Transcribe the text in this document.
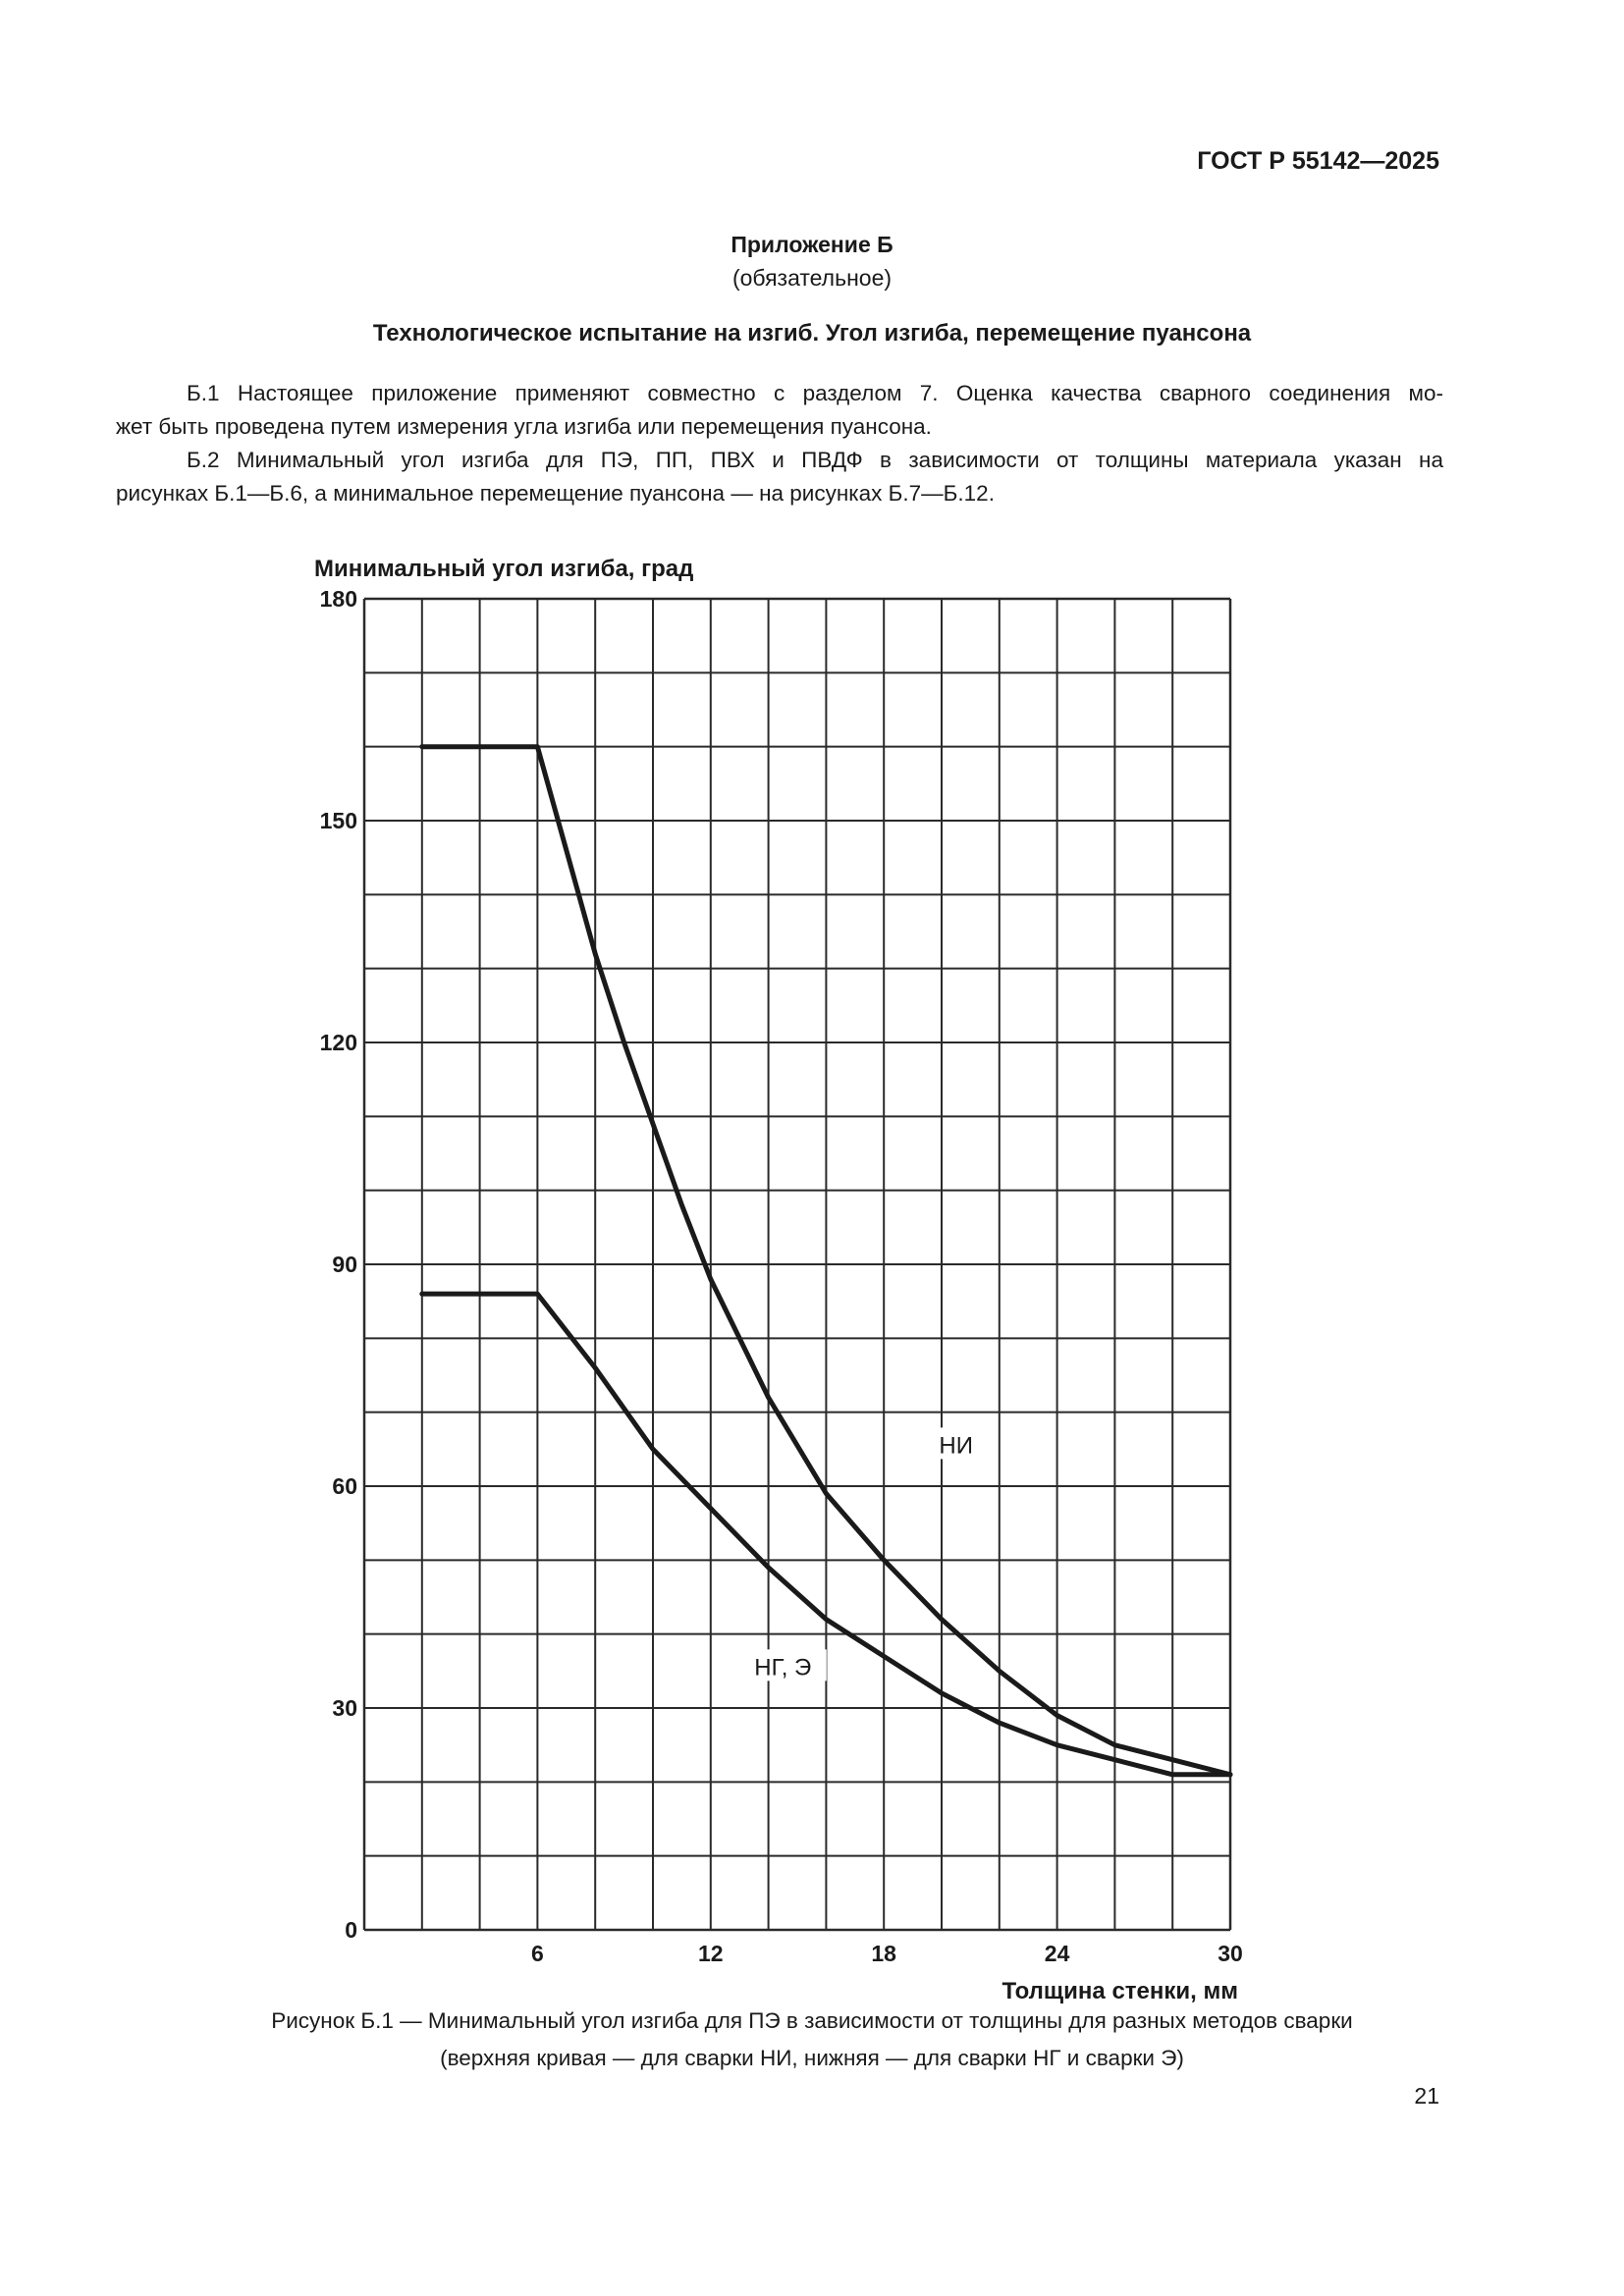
ГОСТ Р 55142—2025
Приложение Б
(обязательное)
Технологическое испытание на изгиб. Угол изгиба, перемещение пуансона
Б.1 Настоящее приложение применяют совместно с разделом 7. Оценка качества сварного соединения мо-
жет быть проведена путем измерения угла изгиба или перемещения пуансона.
Б.2 Минимальный угол изгиба для ПЭ, ПП, ПВХ и ПВДФ в зависимости от толщины материала указан на
рисунках Б.1—Б.6, а минимальное перемещение пуансона — на рисунках Б.7—Б.12.
0
30
60
90
120
150
180
6	12	18	24	30
Минимальный угол изгиба, град
Толщина стенки, мм
НИ
НГ, Э
Рисунок Б.1 — Минимальный угол изгиба для ПЭ в зависимости от толщины для разных методов сварки
(верхняя кривая — для сварки НИ, нижняя — для сварки НГ и сварки Э)
21
